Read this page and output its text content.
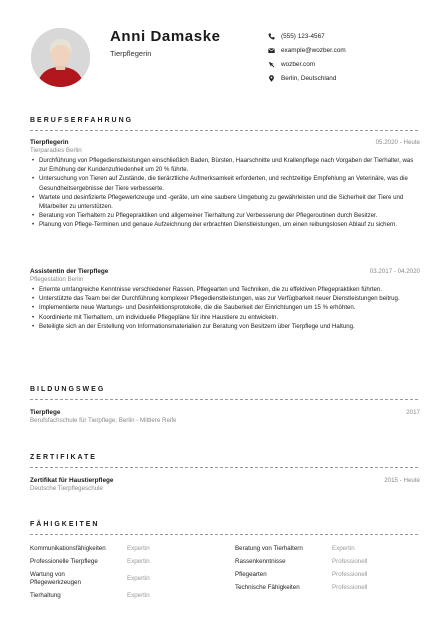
Anni Damaske
Tierpflegerin
(555) 123-4567
example@wozber.com
wozber.com
Berlin, Deutschland
BERUFSERFAHRUNG
Tierpflegerin	05.2020 - Heute
Tierparadies Berlin
• Durchführung von Pflegedienstleistungen einschließlich Baden, Bürsten, Haarschnitte und Krallenpflege nach Vorgaben der Tierhalter, was zur Erhöhung der Kundenzufriedenheit um 20 % führte.
• Untersuchung von Tieren auf Zustände, die tierärztliche Aufmerksamkeit erforderten, und rechtzeitige Empfehlung an Veterinäre, was die Gesundheitsergebnisse der Tiere verbesserte.
• Wartete und desinfizierte Pflegewerkzeuge und -geräte, um eine saubere Umgebung zu gewährleisten und die Sicherheit der Tiere und Mitarbeiter zu unterstützen.
• Beratung von Tierhaltern zu Pflegepraktiken und allgemeiner Tierhaltung zur Verbesserung der Pflegeroutinen durch Besitzer.
• Planung von Pflege-Terminen und genaue Aufzeichnung der erbrachten Dienstleistungen, um einen reibungslosen Ablauf zu sichern.
Assistentin der Tierpflege	03.2017 - 04.2020
Pflegestation Berlin
• Erlernte umfangreiche Kenntnisse verschiedener Rassen, Pflegearten und Techniken, die zu effektiven Pflegepraktiken führten.
• Unterstützte das Team bei der Durchführung komplexer Pflegedienstleistungen, was zur Verfügbarkeit neuer Dienstleistungen beitrug.
• Implementierte neue Wartungs- und Desinfektionsprotokolle, die die Sauberkeit der Einrichtungen um 15 % erhöhten.
• Koordinierte mit Tierhaltern, um individuelle Pflegepläne für ihre Haustiere zu entwickeln.
• Beteiligte sich an der Erstellung von Informationsmaterialien zur Beratung von Besitzern über Tierpflege und Haltung.
BILDUNGSWEG
Tierpflege	2017
Berufsfachschule für Tierpflege, Berlin - Mittlere Reife
ZERTIFIKATE
Zertifikat für Haustierpflege	2015 - Heute
Deutsche Tierpflegeschule
FÄHIGKEITEN
Kommunikationsfähigkeiten	Expertin
Professionelle Tierpflege	Expertin
Wartung von Pflegewerkzeugen	Expertin
Tierhaltung	Expertin
Beratung von Tierhaltern	Expertin
Rassenkenntnisse	Professionell
Pflegearten	Professionell
Technische Fähigkeiten	Professionell
